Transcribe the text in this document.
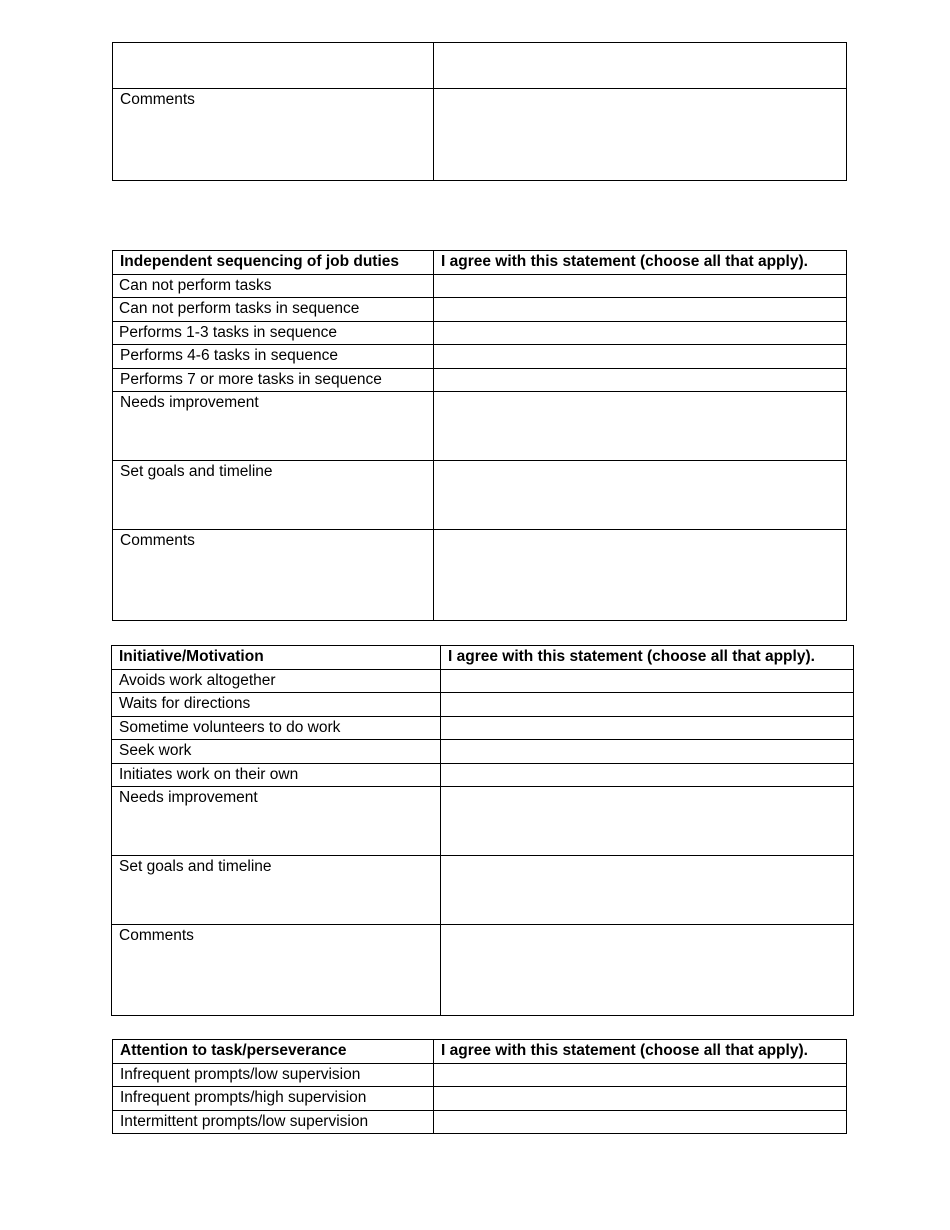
Comments	
Independent sequencing of job duties	I agree with this statement (choose all that apply).
Can not perform tasks	
Can not perform tasks in sequence	
Performs 1-3 tasks in sequence	
Performs 4-6 tasks in sequence	
Performs 7 or more tasks in sequence	
Needs improvement	
Set goals and timeline	
Comments	
Initiative/Motivation	I agree with this statement (choose all that apply).
Avoids work altogether	
Waits for directions	
Sometime volunteers to do work	
Seek work	
Initiates work on their own	
Needs improvement	
Set goals and timeline	
Comments	
Attention to task/perseverance	I agree with this statement (choose all that apply).
Infrequent prompts/low supervision	
Infrequent prompts/high supervision	
Intermittent prompts/low supervision	
